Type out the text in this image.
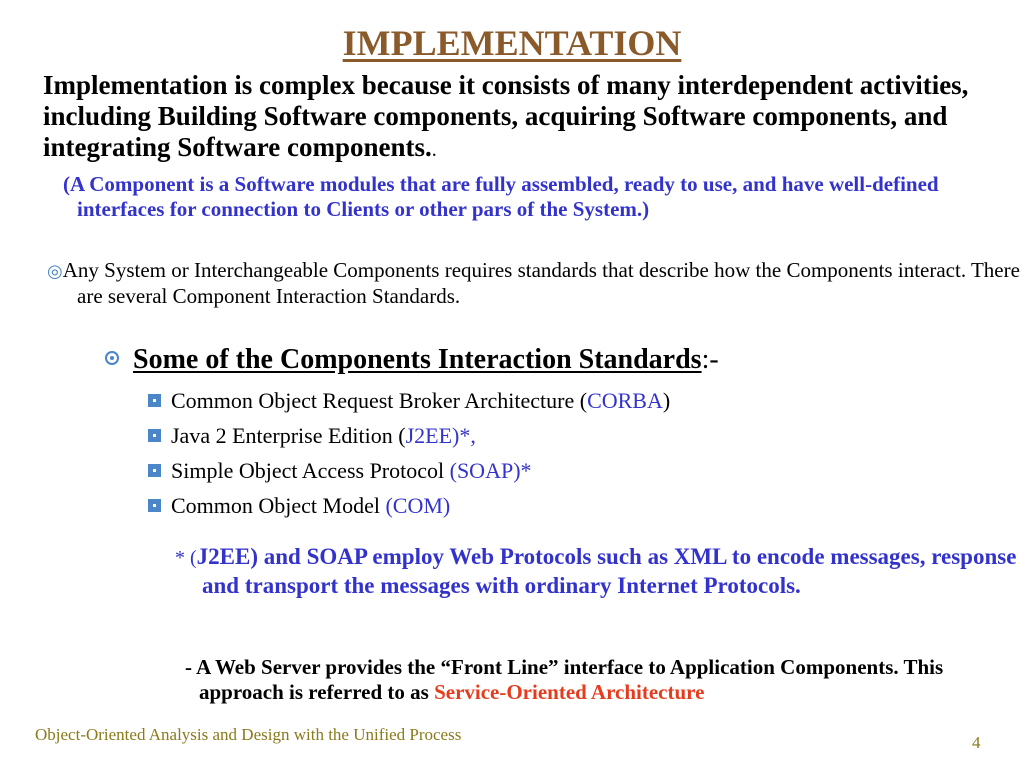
IMPLEMENTATION
Implementation is complex because it consists of many interdependent activities, including Building Software components, acquiring Software components, and integrating Software components..
(A Component is a Software modules that are fully assembled, ready to use, and have well-defined interfaces for connection to Clients or other pars of the System.)
◎Any System or Interchangeable Components requires standards that describe how the Components interact. There are several Component Interaction Standards.
Some of the Components Interaction Standards:-
Common Object Request Broker Architecture (CORBA)
Java 2 Enterprise Edition (J2EE)*,
Simple Object Access Protocol (SOAP)*
Common Object Model (COM)
* (J2EE) and SOAP employ Web Protocols such as XML to encode messages, response and transport the messages with ordinary Internet Protocols.
- A Web Server provides the “Front Line” interface to Application Components. This approach is referred to as Service-Oriented Architecture
Object-Oriented Analysis and Design with the Unified Process	4
